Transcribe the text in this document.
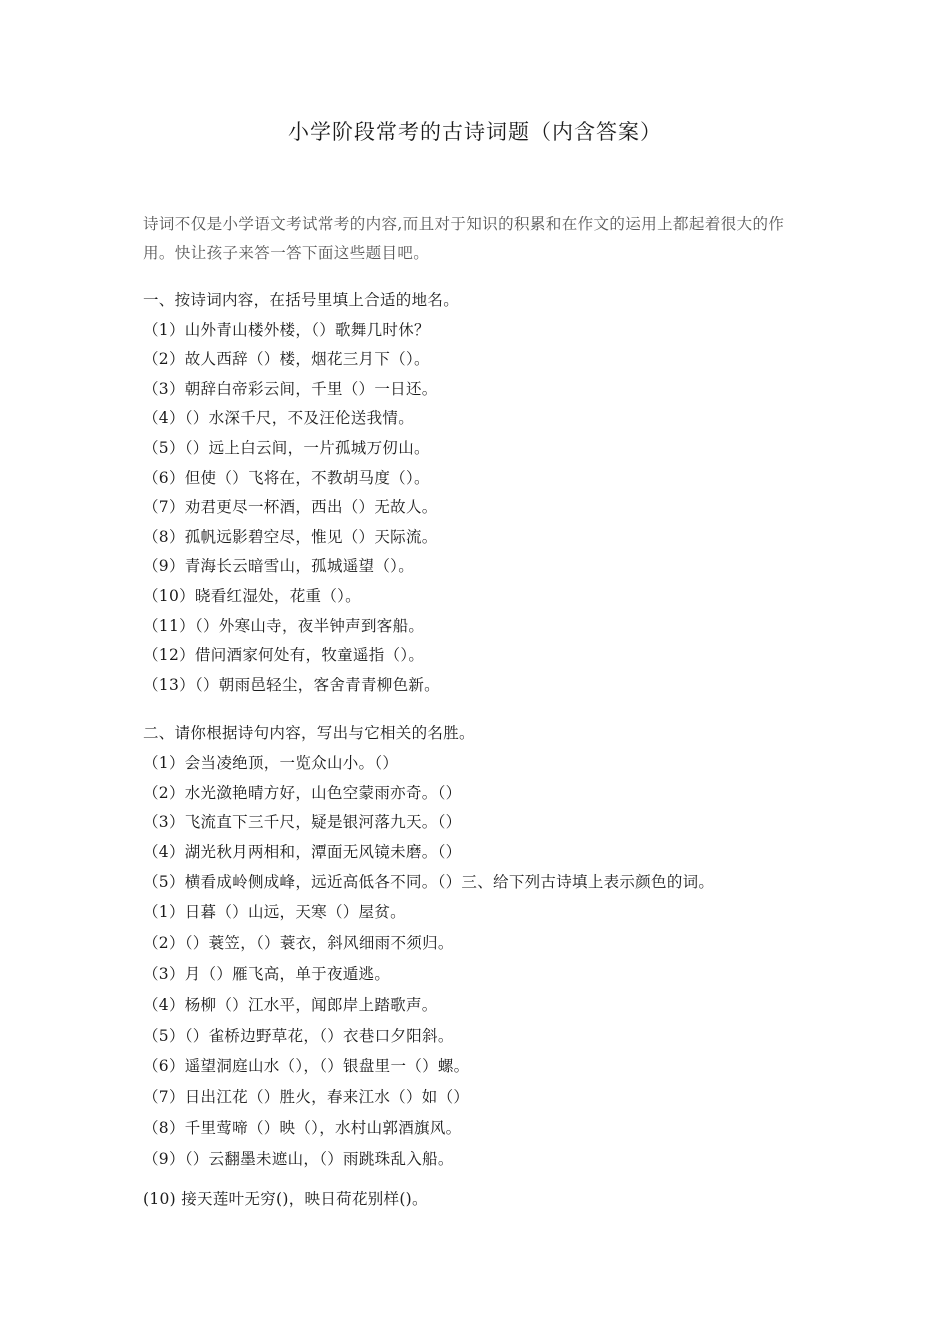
小学阶段常考的古诗词题（内含答案）
诗词不仅是小学语文考试常考的内容,而且对于知识的积累和在作文的运用上都起着很大的作用。快让孩子来答一答下面这些题目吧。
一、按诗词内容，在括号里填上合适的地名。
（1）山外青山楼外楼，（）歌舞几时休？
（2）故人西辞（）楼，烟花三月下（）。
（3）朝辞白帝彩云间，千里（）一日还。
（4）（）水深千尺，不及汪伦送我情。
（5）（）远上白云间，一片孤城万仞山。
（6）但使（）飞将在，不教胡马度（）。
（7）劝君更尽一杯酒，西出（）无故人。
（8）孤帆远影碧空尽，惟见（）天际流。
（9）青海长云暗雪山，孤城遥望（）。
（10）晓看红湿处，花重（）。
（11）（）外寒山寺，夜半钟声到客船。
（12）借问酒家何处有，牧童遥指（）。
（13）（）朝雨邑轻尘，客舍青青柳色新。
二、请你根据诗句内容，写出与它相关的名胜。
（1）会当凌绝顶，一览众山小。（）
（2）水光潋艳晴方好，山色空蒙雨亦奇。（）
（3）飞流直下三千尺，疑是银河落九天。（）
（4）湖光秋月两相和，潭面无风镜未磨。（）
（5）横看成岭侧成峰，远近高低各不同。（）三、给下列古诗填上表示颜色的词。
（1）日暮（）山远，天寒（）屋贫。
（2）（）蓑笠，（）蓑衣，斜风细雨不须归。
（3）月（）雁飞高，单于夜遁逃。
（4）杨柳（）江水平，闻郎岸上踏歌声。
（5）（）雀桥边野草花，（）衣巷口夕阳斜。
（6）遥望洞庭山水（），（）银盘里一（）螺。
（7）日出江花（）胜火，春来江水（）如（）
（8）千里莺啼（）映（），水村山郭酒旗风。
（9）（）云翻墨未遮山，（）雨跳珠乱入船。
(10) 接天莲叶无穷()，映日荷花别样()。
